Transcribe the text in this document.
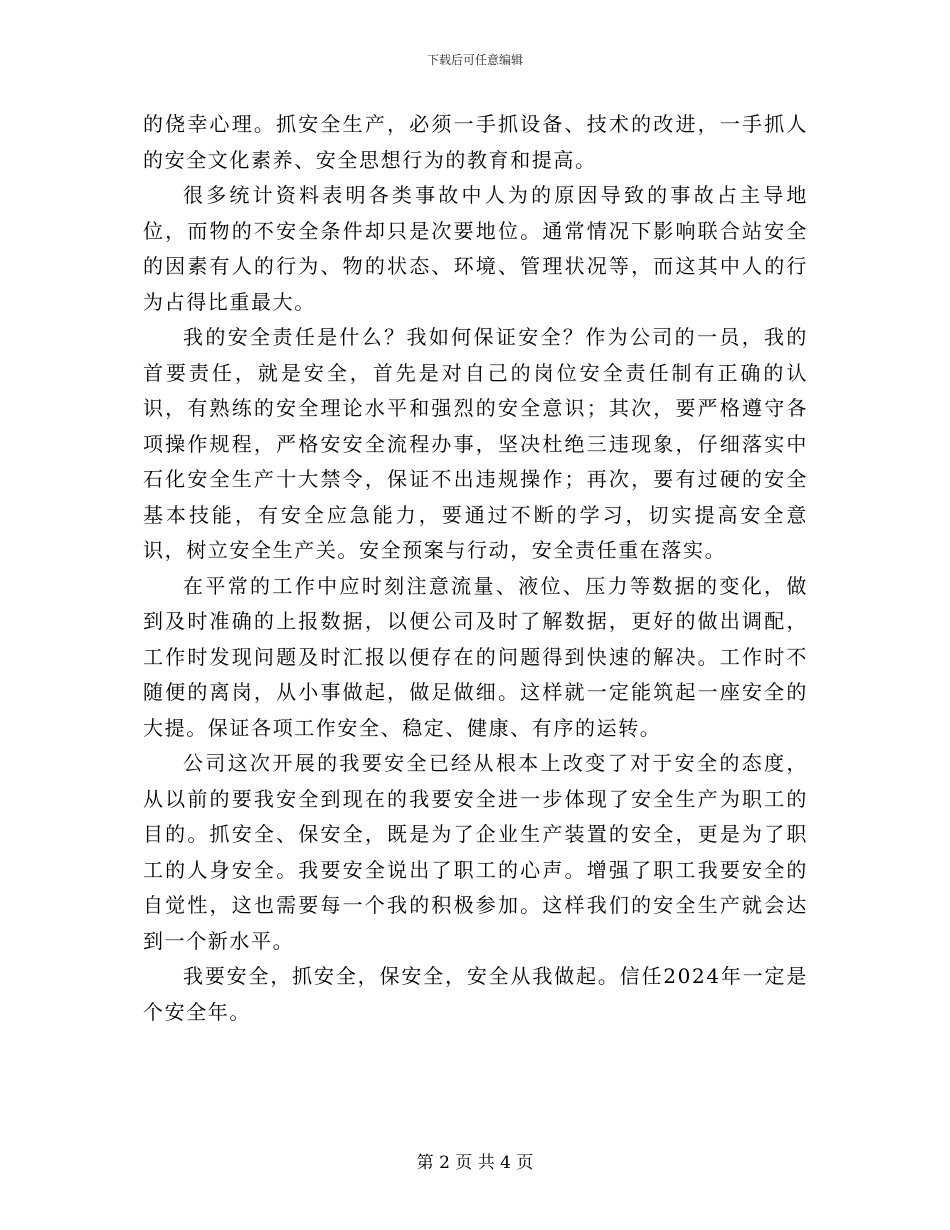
下载后可任意编辑

的侥幸心理。抓安全生产，必须一手抓设备、技术的改进，一手抓人的安全文化素养、安全思想行为的教育和提高。

很多统计资料表明各类事故中人为的原因导致的事故占主导地位，而物的不安全条件却只是次要地位。通常情况下影响联合站安全的因素有人的行为、物的状态、环境、管理状况等，而这其中人的行为占得比重最大。

我的安全责任是什么？我如何保证安全？作为公司的一员，我的首要责任，就是安全，首先是对自己的岗位安全责任制有正确的认识，有熟练的安全理论水平和强烈的安全意识；其次，要严格遵守各项操作规程，严格安安全流程办事，坚决杜绝三违现象，仔细落实中石化安全生产十大禁令，保证不出违规操作；再次，要有过硬的安全基本技能，有安全应急能力，要通过不断的学习，切实提高安全意识，树立安全生产关。安全预案与行动，安全责任重在落实。

在平常的工作中应时刻注意流量、液位、压力等数据的变化，做到及时准确的上报数据，以便公司及时了解数据，更好的做出调配，工作时发现问题及时汇报以便存在的问题得到快速的解决。工作时不随便的离岗，从小事做起，做足做细。这样就一定能筑起一座安全的大提。保证各项工作安全、稳定、健康、有序的运转。

公司这次开展的我要安全已经从根本上改变了对于安全的态度，从以前的要我安全到现在的我要安全进一步体现了安全生产为职工的目的。抓安全、保安全，既是为了企业生产装置的安全，更是为了职工的人身安全。我要安全说出了职工的心声。增强了职工我要安全的自觉性，这也需要每一个我的积极参加。这样我们的安全生产就会达到一个新水平。

我要安全，抓安全，保安全，安全从我做起。信任2024年一定是个安全年。

第 2 页 共 4 页
